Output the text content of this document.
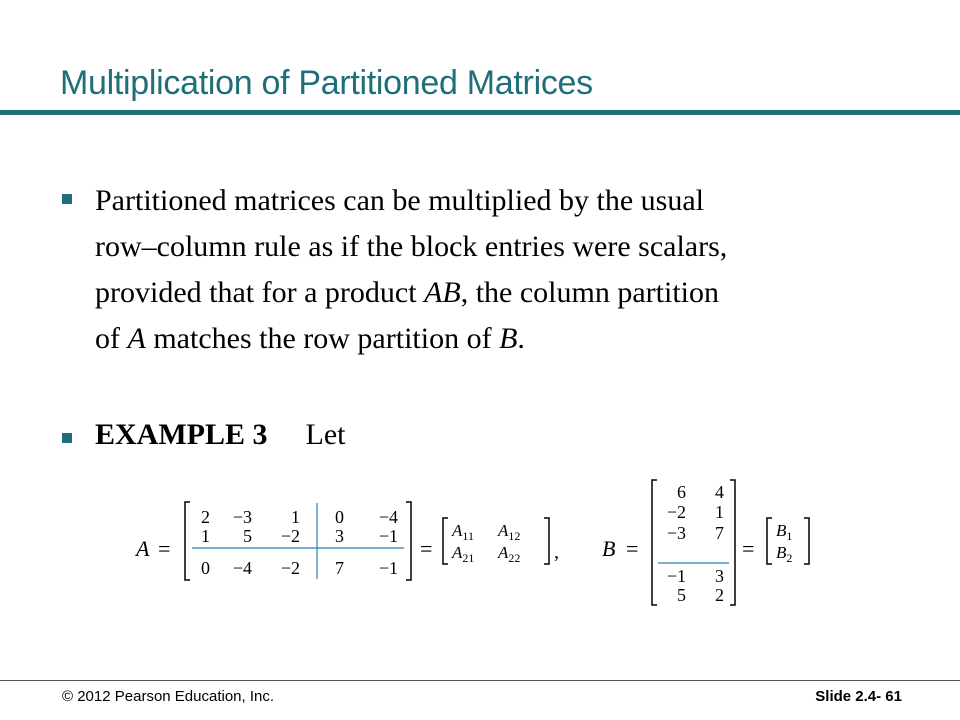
Multiplication of Partitioned Matrices
Partitioned matrices can be multiplied by the usual
row–column rule as if the block entries were scalars,
provided that for a product AB, the column partition
of A matches the row partition of B.
EXAMPLE 3 Let
A =
2 −3 1 0 −4
1 5 −2 3 −1
0 −4 −2 7 −1
=
$A_{11}$ $A_{12}$
$A_{21}$ $A_{22}$ , B =
6 4
−2 1
−3 7
−1 3
5 2
=
$B_1$
$B_2$
© 2012 Pearson Education, Inc.	Slide 2.4- 61
